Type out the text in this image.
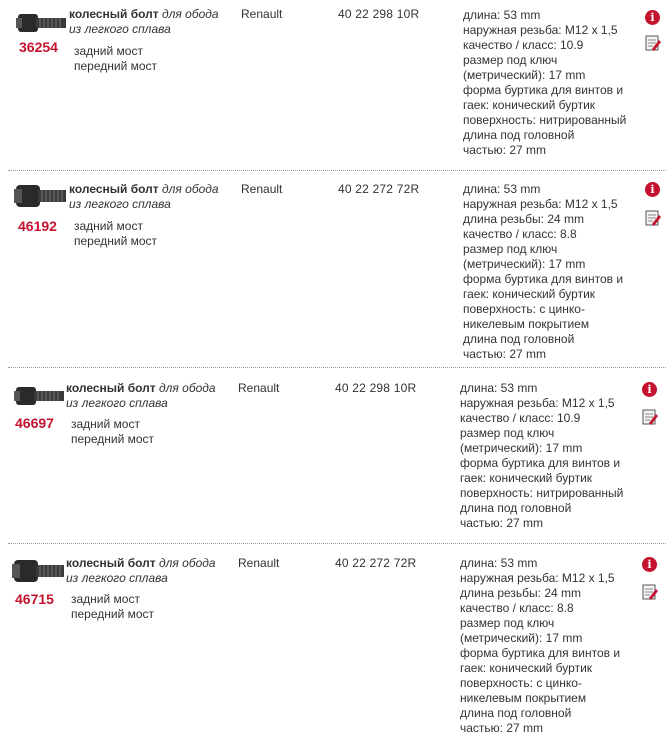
36254
колесный болт для обода
из легкого сплава
задний мост
передний мост
Renault	40 22 298 10R	длина: 53 mm
наружная резьба: M12 x 1,5
качество / класс: 10.9
размер под ключ
(метрический): 17 mm
форма буртика для винтов и
гаек: конический буртик
поверхность: нитрированный
длина под головной
частью: 27 mm
i
46192
колесный болт для обода
из легкого сплава
задний мост
передний мост
Renault	40 22 272 72R	длина: 53 mm
наружная резьба: M12 x 1,5
длина резьбы: 24 mm
качество / класс: 8.8
размер под ключ
(метрический): 17 mm
форма буртика для винтов и
гаек: конический буртик
поверхность: с цинко-
никелевым покрытием
длина под головной
частью: 27 mm
i
46697
колесный болт для обода
из легкого сплава
задний мост
передний мост
Renault	40 22 298 10R	длина: 53 mm
наружная резьба: M12 x 1,5
качество / класс: 10.9
размер под ключ
(метрический): 17 mm
форма буртика для винтов и
гаек: конический буртик
поверхность: нитрированный
длина под головной
частью: 27 mm
i
46715
колесный болт для обода
из легкого сплава
задний мост
передний мост
Renault	40 22 272 72R	длина: 53 mm
наружная резьба: M12 x 1,5
длина резьбы: 24 mm
качество / класс: 8.8
размер под ключ
(метрический): 17 mm
форма буртика для винтов и
гаек: конический буртик
поверхность: с цинко-
никелевым покрытием
длина под головной
частью: 27 mm
i
